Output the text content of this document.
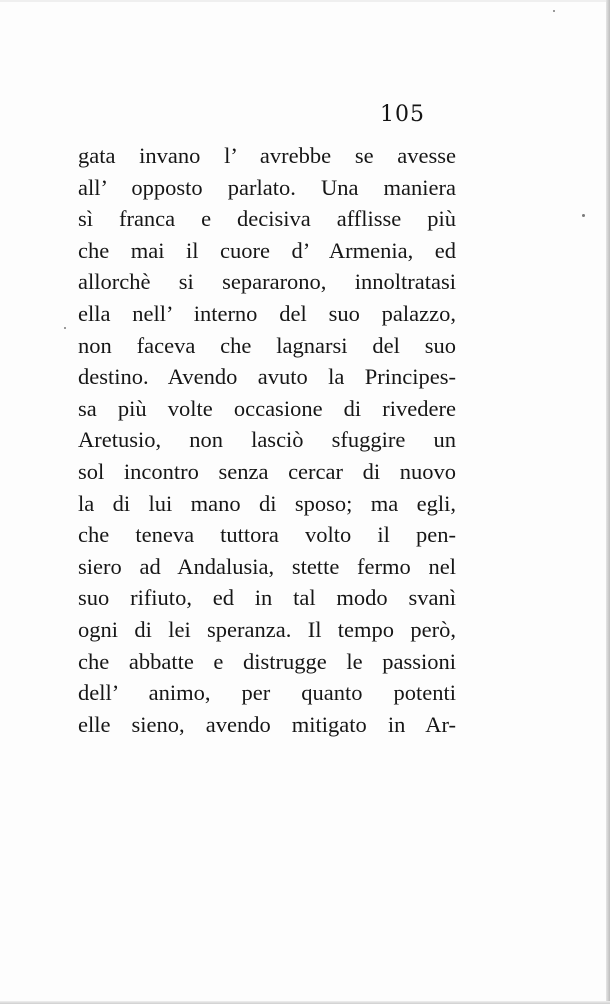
105

gata invano l’ avrebbe se avesse
all’ opposto parlato. Una maniera
sì franca e decisiva afflisse più
che mai il cuore d’ Armenia, ed
allorchè si separarono, innoltratasi
ella nell’ interno del suo palazzo,
non faceva che lagnarsi del suo
destino. Avendo avuto la Principes-
sa più volte occasione di rivedere
Aretusio, non lasciò sfuggire un
sol incontro senza cercar di nuovo
la di lui mano di sposo; ma egli,
che teneva tuttora volto il pen-
siero ad Andalusia, stette fermo nel
suo rifiuto, ed in tal modo svanì
ogni di lei speranza. Il tempo però,
che abbatte e distrugge le passioni
dell’ animo, per quanto potenti
elle sieno, avendo mitigato in Ar-
